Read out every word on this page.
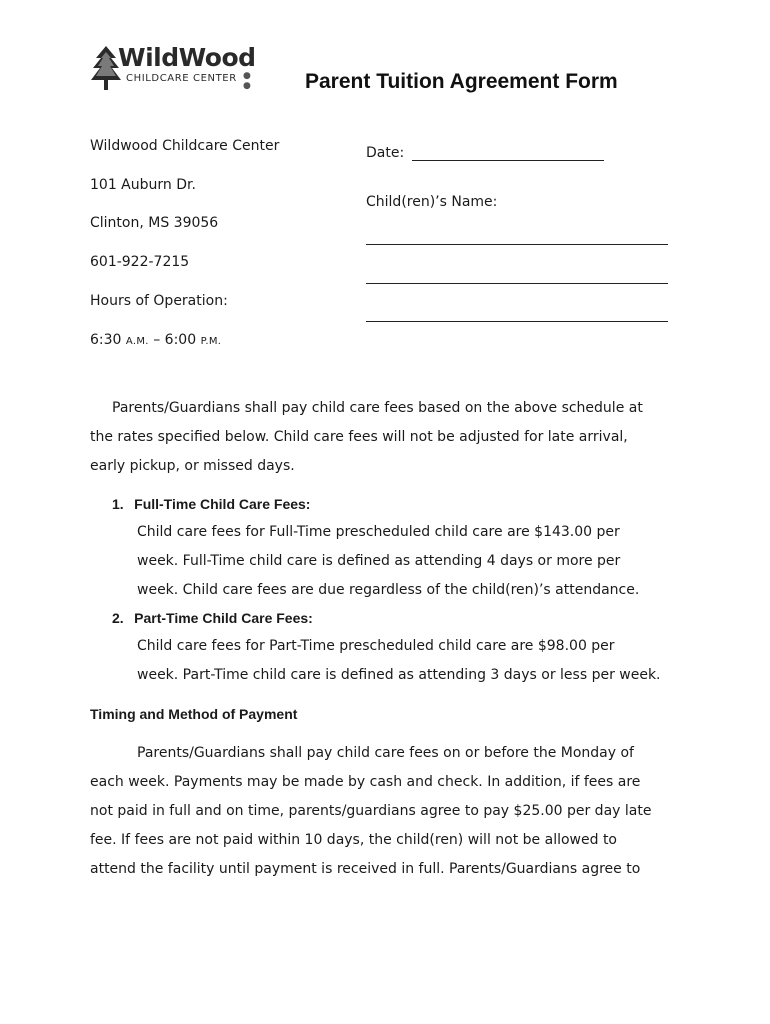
WildWood
CHILDCARE CENTER ● ●	Parent Tuition Agreement Form
Wildwood Childcare Center
101 Auburn Dr.
Clinton, MS 39056
601-922-7215
Hours of Operation:
6:30 A.M. – 6:00 P.M.
Date:
Child(ren)’s Name:
Parents/Guardians shall pay child care fees based on the above schedule at
the rates specified below. Child care fees will not be adjusted for late arrival,
early pickup, or missed days.
1. Full-Time Child Care Fees:
Child care fees for Full-Time prescheduled child care are $143.00 per
week. Full-Time child care is defined as attending 4 days or more per
week. Child care fees are due regardless of the child(ren)’s attendance.
2. Part-Time Child Care Fees:
Child care fees for Part-Time prescheduled child care are $98.00 per
week. Part-Time child care is defined as attending 3 days or less per week.
Timing and Method of Payment
Parents/Guardians shall pay child care fees on or before the Monday of
each week. Payments may be made by cash and check. In addition, if fees are
not paid in full and on time, parents/guardians agree to pay $25.00 per day late
fee. If fees are not paid within 10 days, the child(ren) will not be allowed to
attend the facility until payment is received in full. Parents/Guardians agree to
